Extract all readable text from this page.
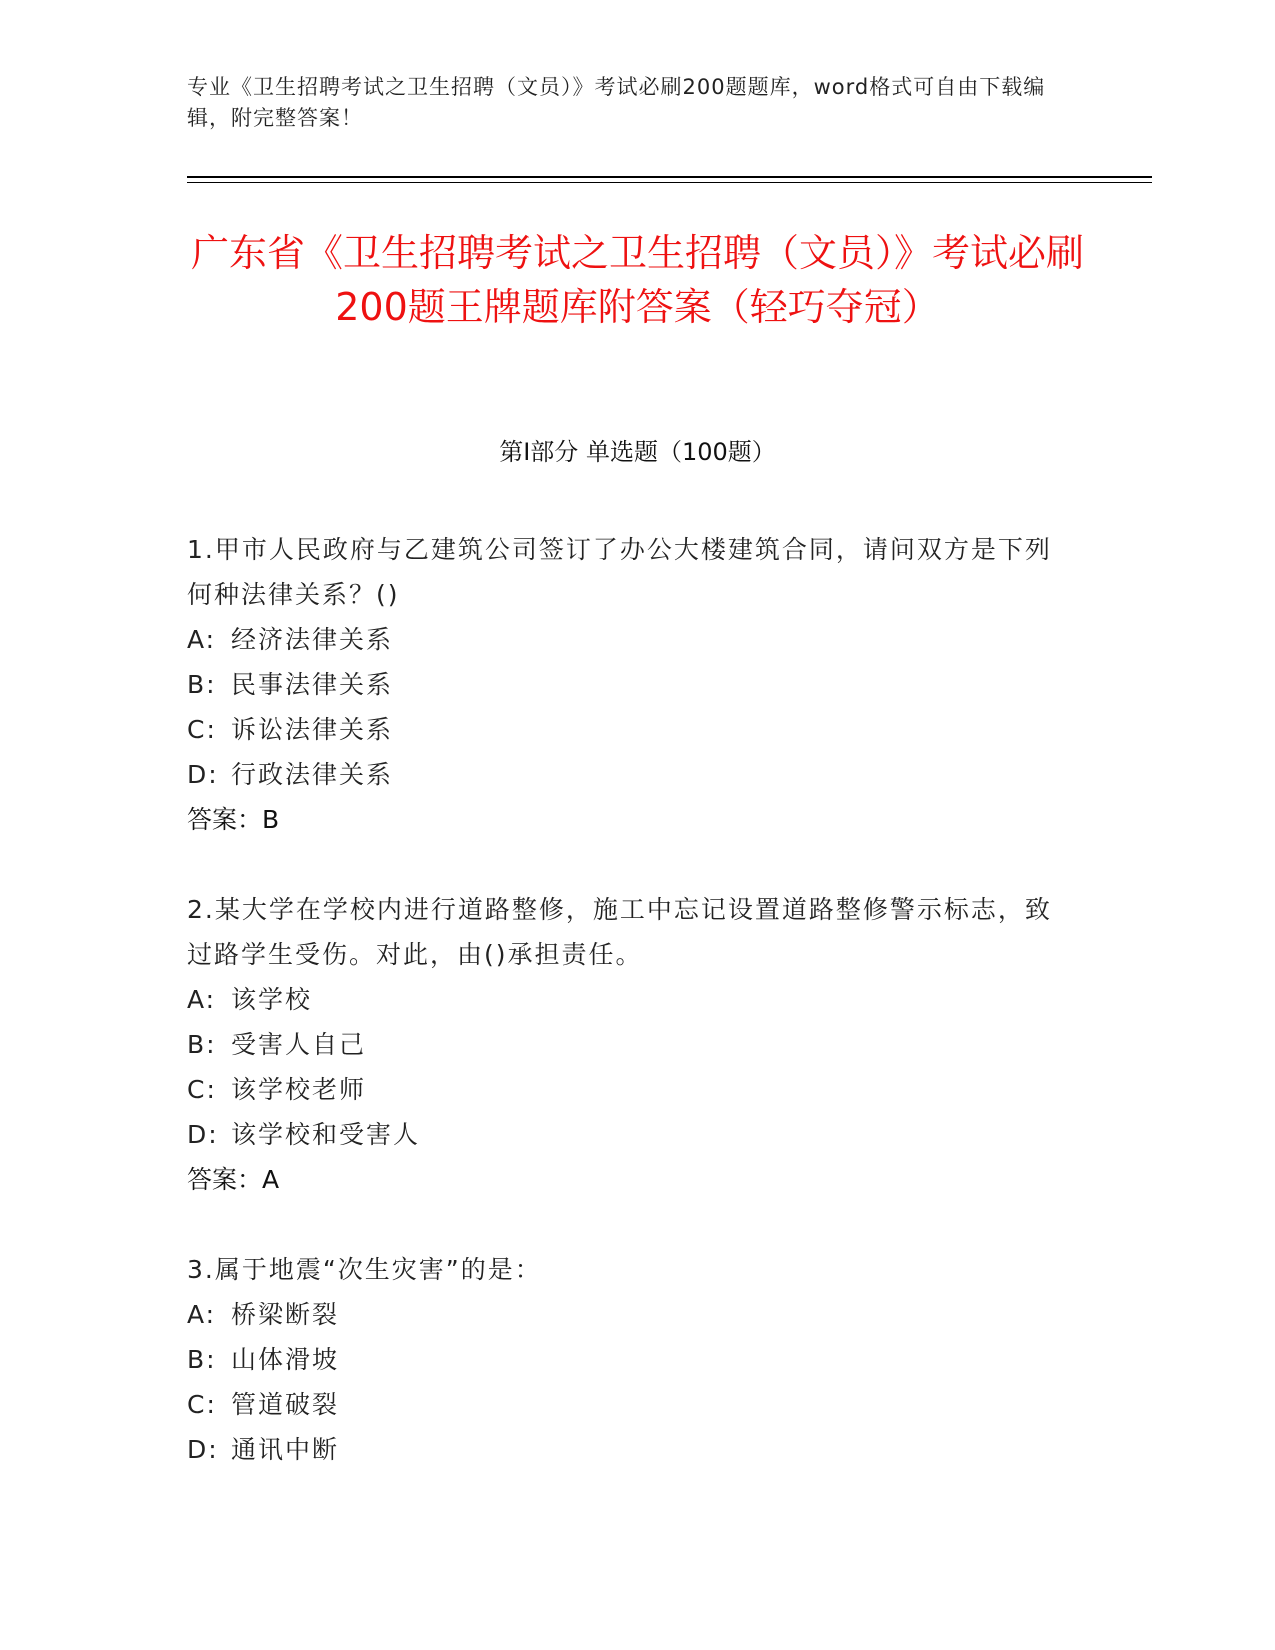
专业《卫生招聘考试之卫生招聘（文员）》考试必刷200题题库，word格式可自由下载编辑，附完整答案！
广东省《卫生招聘考试之卫生招聘（文员）》考试必刷200题王牌题库附答案（轻巧夺冠）
第Ⅰ部分 单选题（100题）
1.甲市人民政府与乙建筑公司签订了办公大楼建筑合同，请问双方是下列何种法律关系？()
A: 经济法律关系
B: 民事法律关系
C: 诉讼法律关系
D: 行政法律关系
答案：B
2.某大学在学校内进行道路整修，施工中忘记设置道路整修警示标志，致过路学生受伤。对此，由()承担责任。
A: 该学校
B: 受害人自己
C: 该学校老师
D: 该学校和受害人
答案：A
3.属于地震“次生灾害”的是：
A: 桥梁断裂
B: 山体滑坡
C: 管道破裂
D: 通讯中断
